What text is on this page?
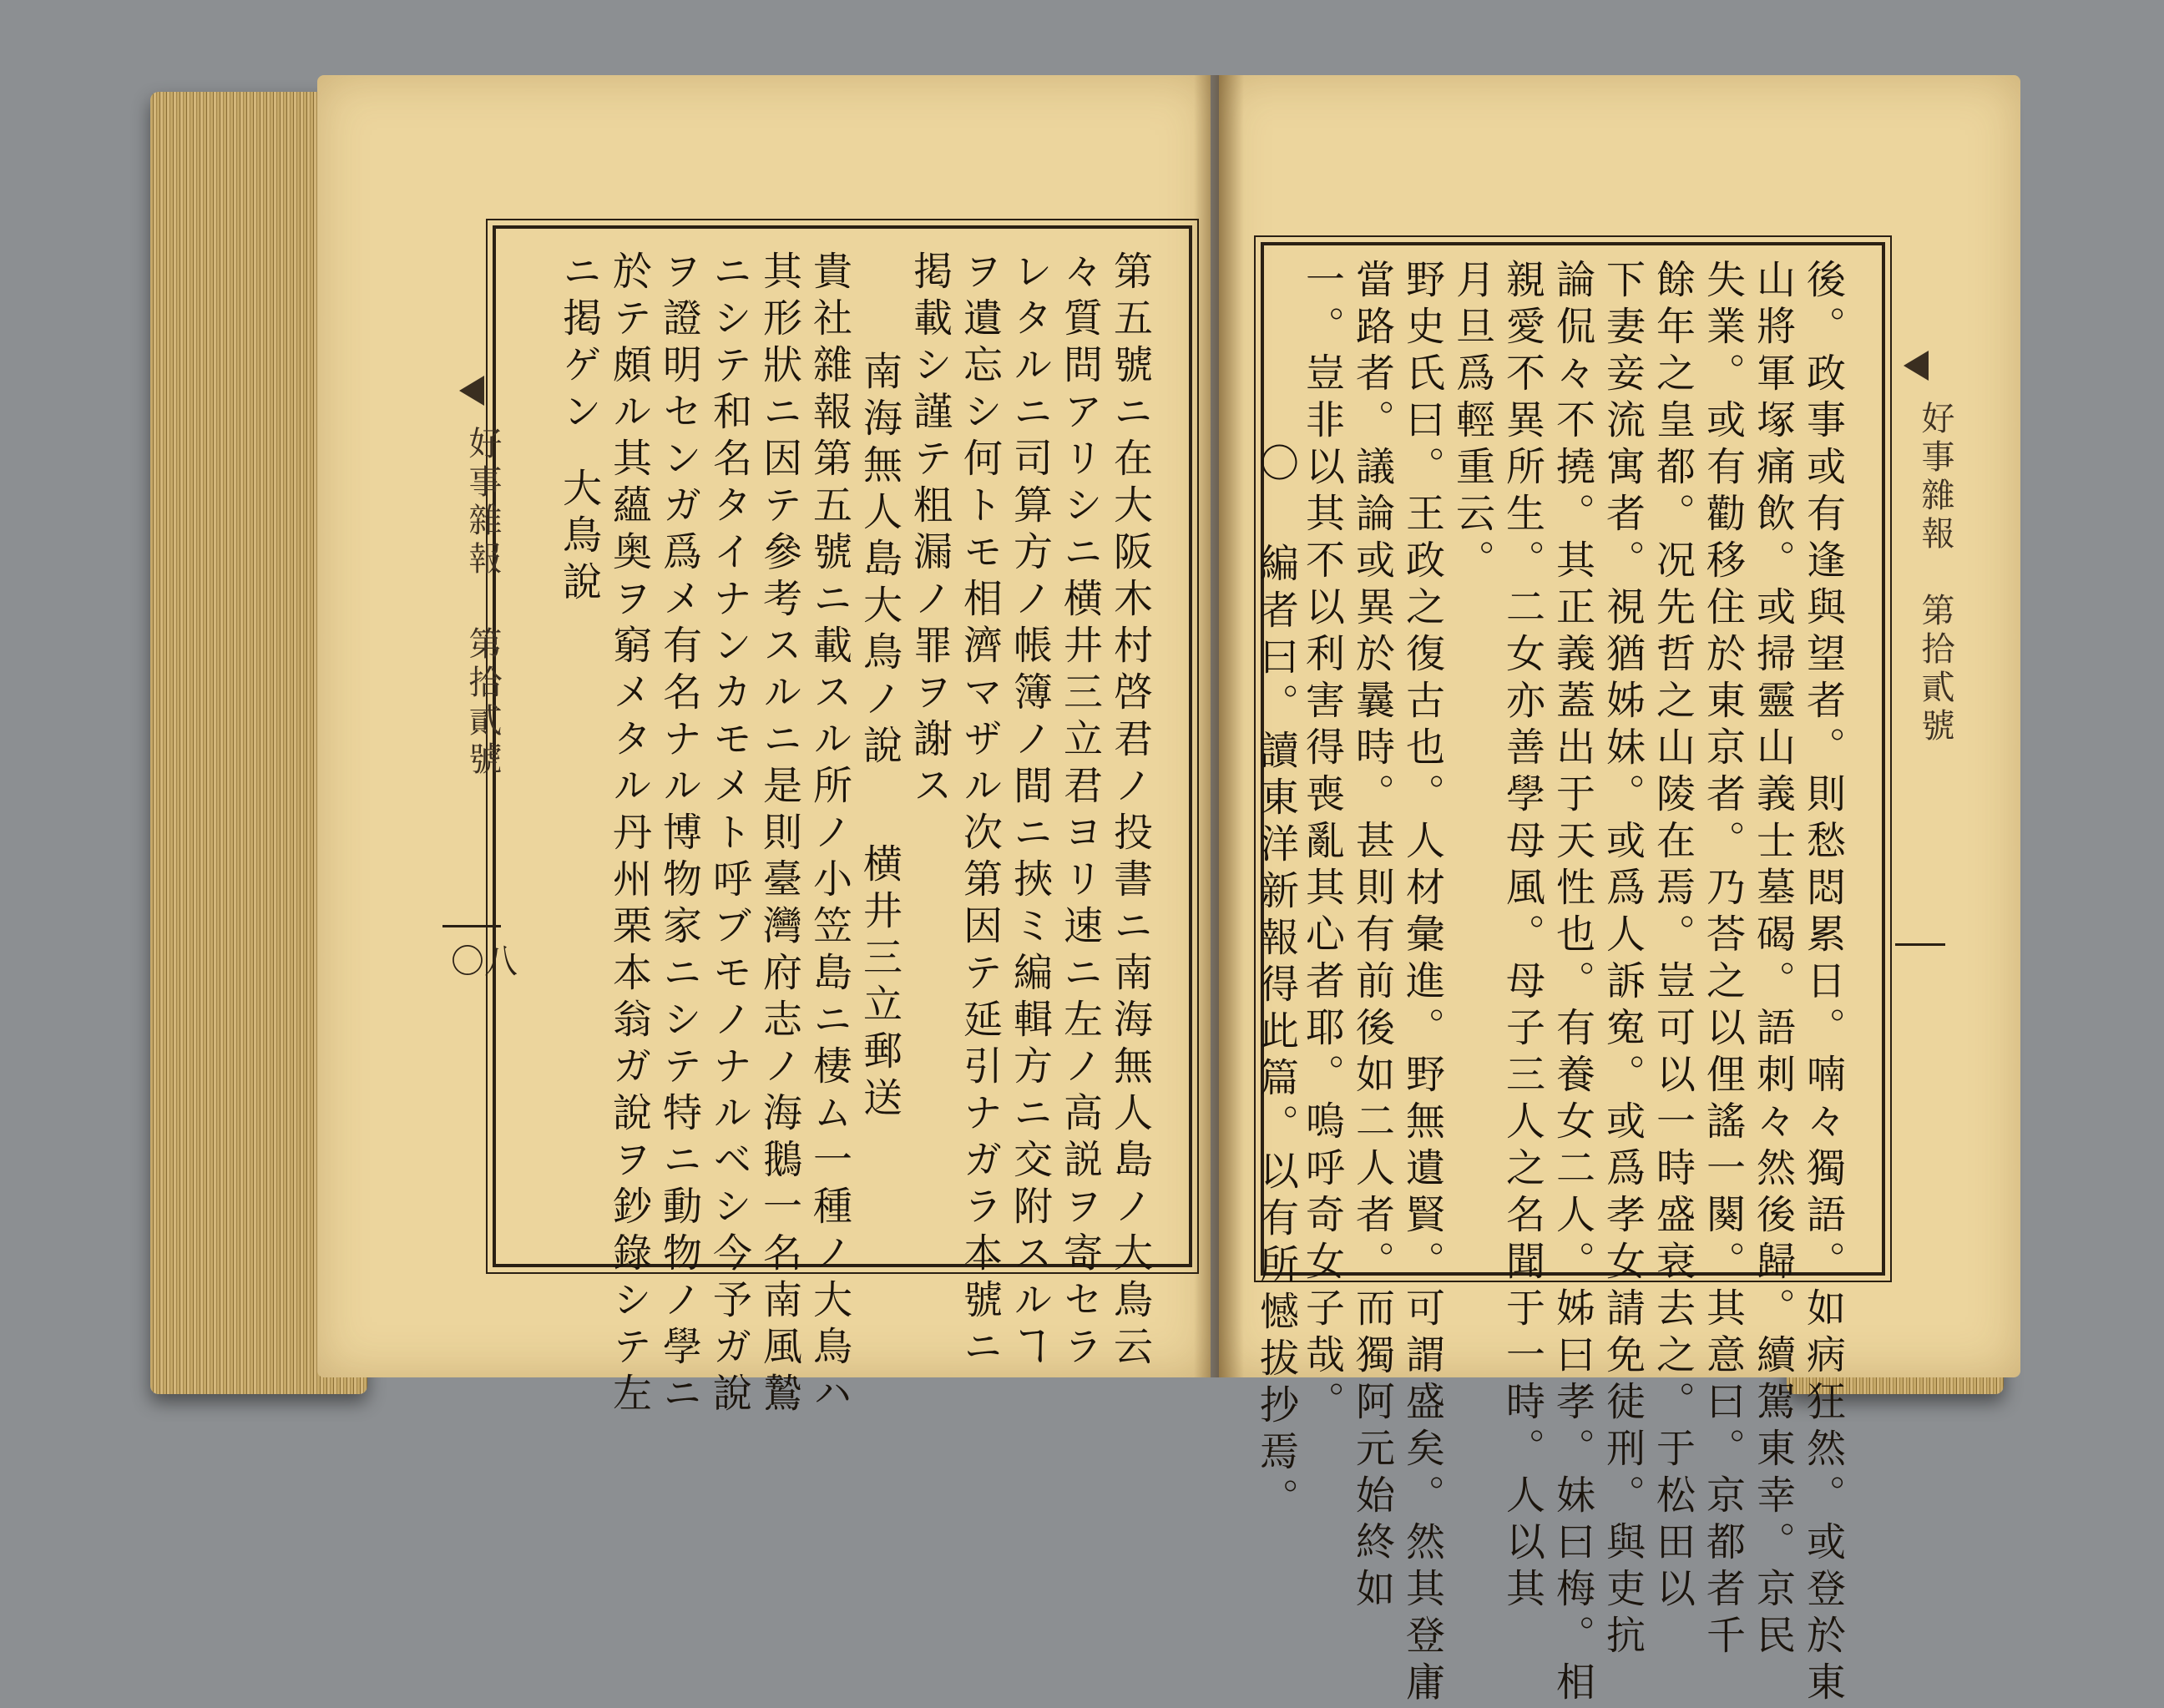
好事雜報
第拾貳號
〇八	第五號ニ在大阪木村啓君ノ投書ニ南海無人島ノ大鳥云
々質問アリシニ横井三立君ヨリ速ニ左ノ高説ヲ寄セラ
レタルニ司算方ノ帳簿ノ間ニ挾ミ編輯方ニ交附スルヿ
ヲ遺忘シ何トモ相濟マザル次第因テ延引ナガラ本號ニ
掲載シ謹テ粗漏ノ罪ヲ謝ス
南海無人島大鳥ノ說
横井三立郵送
貴社雜報第五號ニ載スル所ノ小笠島ニ棲ム一種ノ大鳥ハ
其形狀ニ因テ參考スルニ是則臺灣府志ノ海鵝一名南風鷙
ニシテ和名タイナンカモメト呼ブモノナルベシ今予ガ說
ヲ證明センガ爲メ有名ナル博物家ニシテ特ニ動物ノ學ニ
於テ頗ル其蘊奥ヲ窮メタル丹州栗本翁ガ說ヲ鈔錄シテ左
ニ掲ゲン
大鳥說	好事雜報
第拾貳號
後。政事或有逢與望者。則愁悶累日。喃々獨語。如病狂然。或登於東
山將軍塚痛飲。或掃靈山義士墓碣。語刺々然後歸。續駕東幸。京民
失業。或有勸移住於東京者。乃荅之以俚謠一闋。其意曰。京都者千
餘年之皇都。况先哲之山陵在焉。豈可以一時盛衰去之。于松田以
下妻妾流寓者。視猶姊妹。或爲人訴寃。或爲孝女請免徒刑。與吏抗
論侃々不撓。其正義蓋出于天性也。有養女二人。姊曰孝。妹曰梅。相
親愛不異所生。二女亦善學母風。母子三人之名聞于一時。人以其
月旦爲輕重云。
野史氏曰。王政之復古也。人材彙進。野無遺賢。可謂盛矣。然其登庸
當路者。議論或異於曩時。甚則有前後如二人者。而獨阿元始終如
一。豈非以其不以利害得喪亂其心者耶。嗚呼奇女子哉。
〇
編者曰。讀東洋新報得此篇。以有所憾拔抄焉。
